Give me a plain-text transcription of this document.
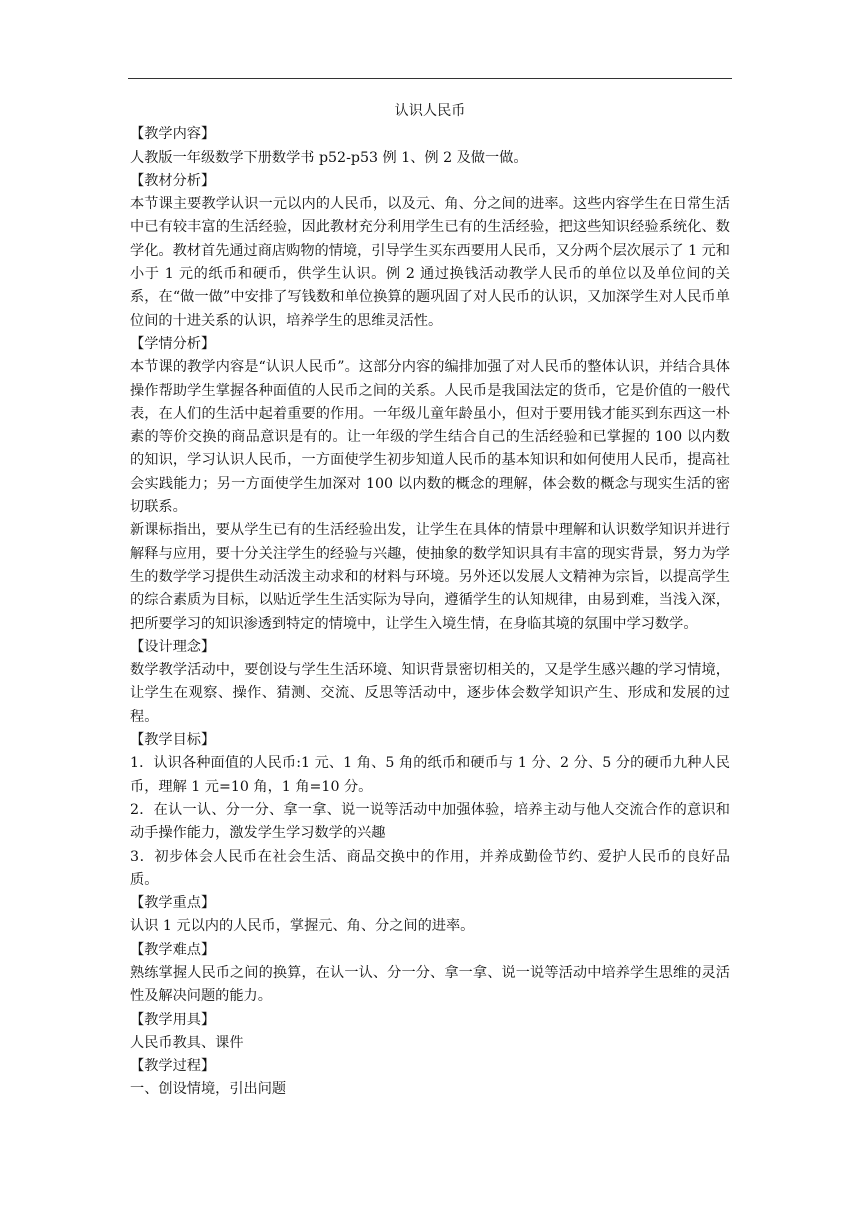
认识人民币

【教学内容】

人教版一年级数学下册数学书 p52-p53 例 1、例 2 及做一做。

【教材分析】

本节课主要教学认识一元以内的人民币，以及元、角、分之间的进率。这些内容学生在日常生活中已有较丰富的生活经验，因此教材充分利用学生已有的生活经验，把这些知识经验系统化、数学化。教材首先通过商店购物的情境，引导学生买东西要用人民币，又分两个层次展示了 1 元和小于 1 元的纸币和硬币，供学生认识。例 2 通过换钱活动教学人民币的单位以及单位间的关系，在“做一做”中安排了写钱数和单位换算的题巩固了对人民币的认识，又加深学生对人民币单位间的十进关系的认识，培养学生的思维灵活性。

【学情分析】

本节课的教学内容是“认识人民币”。这部分内容的编排加强了对人民币的整体认识，并结合具体操作帮助学生掌握各种面值的人民币之间的关系。人民币是我国法定的货币，它是价值的一般代表，在人们的生活中起着重要的作用。一年级儿童年龄虽小，但对于要用钱才能买到东西这一朴素的等价交换的商品意识是有的。让一年级的学生结合自己的生活经验和已掌握的 100 以内数的知识，学习认识人民币，一方面使学生初步知道人民币的基本知识和如何使用人民币，提高社会实践能力；另一方面使学生加深对 100 以内数的概念的理解，体会数的概念与现实生活的密切联系。

新课标指出，要从学生已有的生活经验出发，让学生在具体的情景中理解和认识数学知识并进行解释与应用，要十分关注学生的经验与兴趣，使抽象的数学知识具有丰富的现实背景，努力为学生的数学学习提供生动活泼主动求和的材料与环境。另外还以发展人文精神为宗旨，以提高学生的综合素质为目标，以贴近学生生活实际为导向，遵循学生的认知规律，由易到难，当浅入深，把所要学习的知识渗透到特定的情境中，让学生入境生情，在身临其境的氛围中学习数学。

【设计理念】

数学教学活动中，要创设与学生生活环境、知识背景密切相关的，又是学生感兴趣的学习情境，让学生在观察、操作、猜测、交流、反思等活动中，逐步体会数学知识产生、形成和发展的过程。

【教学目标】

1．认识各种面值的人民币:1 元、1 角、5 角的纸币和硬币与 1 分、2 分、5 分的硬币九种人民币，理解 1 元=10 角，1 角=10 分。

2．在认一认、分一分、拿一拿、说一说等活动中加强体验，培养主动与他人交流合作的意识和动手操作能力，激发学生学习数学的兴趣

3．初步体会人民币在社会生活、商品交换中的作用，并养成勤俭节约、爱护人民币的良好品质。

【教学重点】

认识 1 元以内的人民币，掌握元、角、分之间的进率。

【教学难点】

熟练掌握人民币之间的换算，在认一认、分一分、拿一拿、说一说等活动中培养学生思维的灵活性及解决问题的能力。

【教学用具】

人民币教具、课件

【教学过程】

一、创设情境，引出问题
